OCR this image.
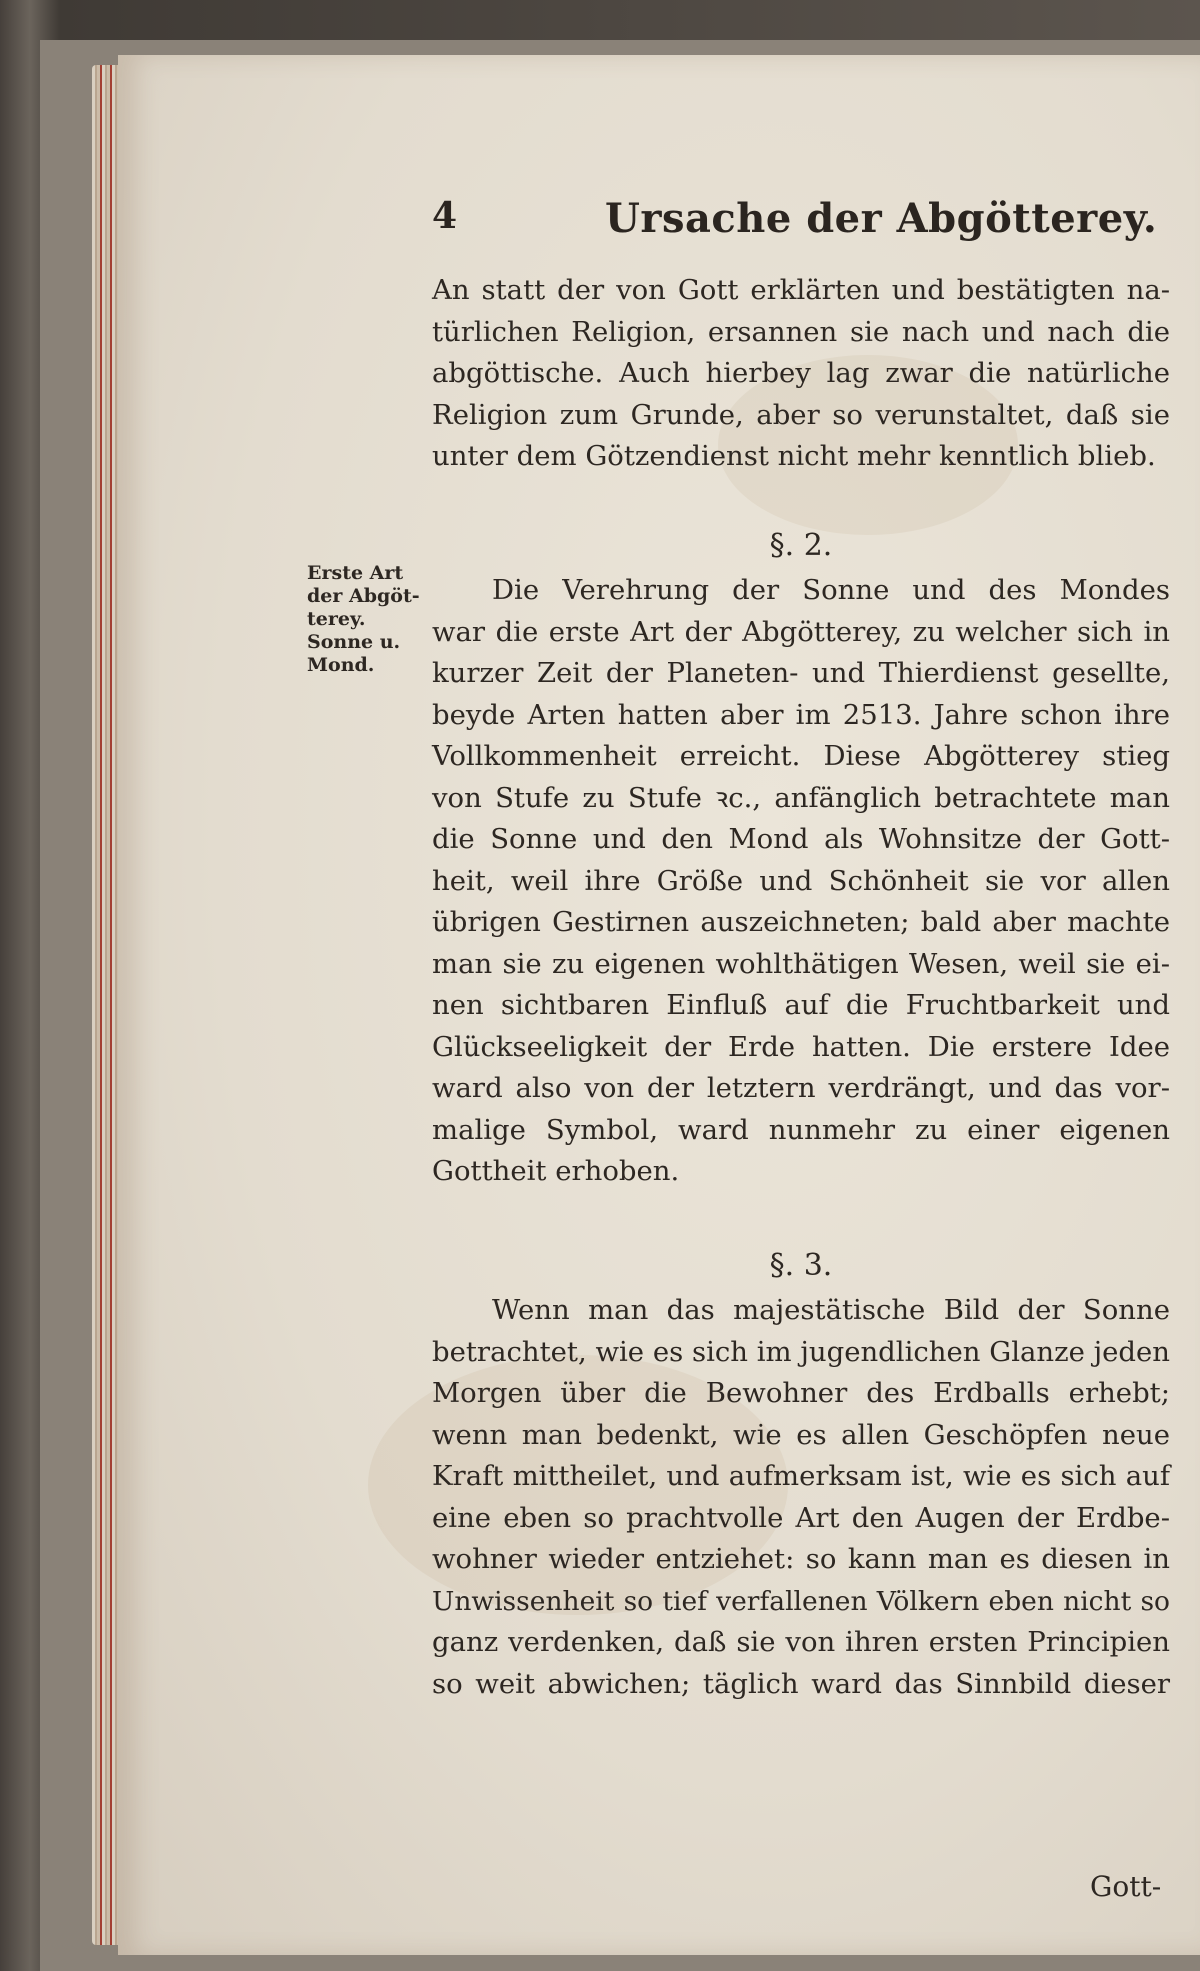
4	Ursache der Abgötterey.
An statt der von Gott erklärten und bestätigten na-
türlichen Religion, ersannen sie nach und nach die
abgöttische. Auch hierbey lag zwar die natürliche
Religion zum Grunde, aber so verunstaltet, daß sie
unter dem Götzendienst nicht mehr kenntlich blieb.
§. 2.
Erste Art
der Abgöt-
terey.
Sonne u.
Mond.
Die Verehrung der Sonne und des Mondes
war die erste Art der Abgötterey, zu welcher sich in
kurzer Zeit der Planeten- und Thierdienst gesellte,
beyde Arten hatten aber im 2513. Jahre schon ihre
Vollkommenheit erreicht. Diese Abgötterey stieg
von Stufe zu Stufe ꝛc., anfänglich betrachtete man
die Sonne und den Mond als Wohnsitze der Gott-
heit, weil ihre Größe und Schönheit sie vor allen
übrigen Gestirnen auszeichneten; bald aber machte
man sie zu eigenen wohlthätigen Wesen, weil sie ei-
nen sichtbaren Einfluß auf die Fruchtbarkeit und
Glückseeligkeit der Erde hatten. Die erstere Idee
ward also von der letztern verdrängt, und das vor-
malige Symbol, ward nunmehr zu einer eigenen
Gottheit erhoben.
§. 3.
Wenn man das majestätische Bild der Sonne
betrachtet, wie es sich im jugendlichen Glanze jeden
Morgen über die Bewohner des Erdballs erhebt;
wenn man bedenkt, wie es allen Geschöpfen neue
Kraft mittheilet, und aufmerksam ist, wie es sich auf
eine eben so prachtvolle Art den Augen der Erdbe-
wohner wieder entziehet: so kann man es diesen in
Unwissenheit so tief verfallenen Völkern eben nicht so
ganz verdenken, daß sie von ihren ersten Principien
so weit abwichen; täglich ward das Sinnbild dieser
Gott-
